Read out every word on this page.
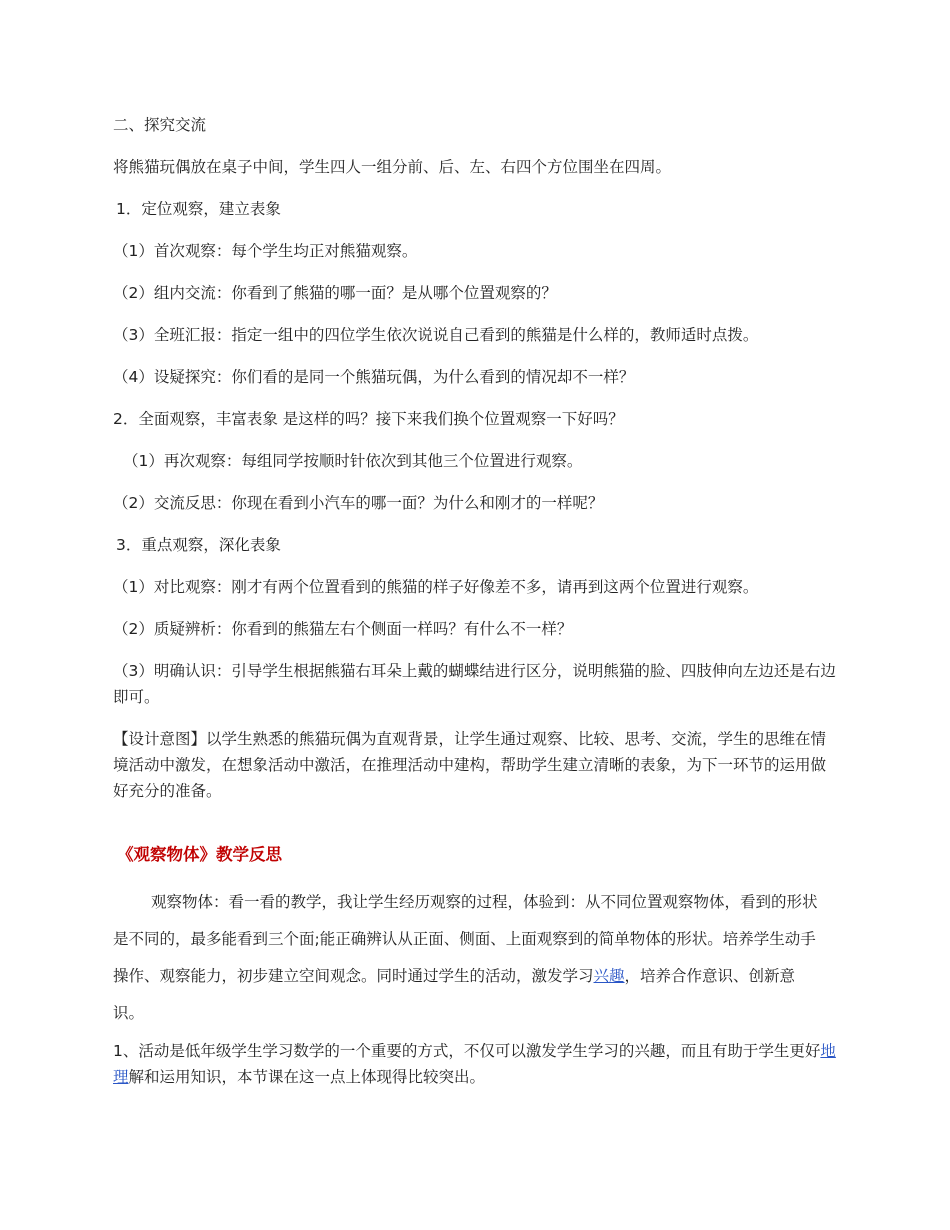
二、探究交流

将熊猫玩偶放在桌子中间，学生四人一组分前、后、左、右四个方位围坐在四周。

1．定位观察，建立表象

（1）首次观察：每个学生均正对熊猫观察。

（2）组内交流：你看到了熊猫的哪一面？是从哪个位置观察的？

（3）全班汇报：指定一组中的四位学生依次说说自己看到的熊猫是什么样的，教师适时点拨。

（4）设疑探究：你们看的是同一个熊猫玩偶，为什么看到的情况却不一样？

2．全面观察，丰富表象 是这样的吗？接下来我们换个位置观察一下好吗？

（1）再次观察：每组同学按顺时针依次到其他三个位置进行观察。

（2）交流反思：你现在看到小汽车的哪一面？为什么和刚才的一样呢？

3．重点观察，深化表象

（1）对比观察：刚才有两个位置看到的熊猫的样子好像差不多，请再到这两个位置进行观察。

（2）质疑辨析：你看到的熊猫左右个侧面一样吗？有什么不一样？

（3）明确认识：引导学生根据熊猫右耳朵上戴的蝴蝶结进行区分，说明熊猫的脸、四肢伸向左边还是右边即可。

【设计意图】以学生熟悉的熊猫玩偶为直观背景，让学生通过观察、比较、思考、交流，学生的思维在情境活动中激发，在想象活动中激活，在推理活动中建构，帮助学生建立清晰的表象，为下一环节的运用做好充分的准备。

《观察物体》教学反思

观察物体：看一看的教学，我让学生经历观察的过程，体验到：从不同位置观察物体，看到的形状是不同的，最多能看到三个面;能正确辨认从正面、侧面、上面观察到的简单物体的形状。培养学生动手操作、观察能力，初步建立空间观念。同时通过学生的活动，激发学习兴趣，培养合作意识、创新意识。

1、活动是低年级学生学习数学的一个重要的方式，不仅可以激发学生学习的兴趣，而且有助于学生更好地理解和运用知识，本节课在这一点上体现得比较突出。
